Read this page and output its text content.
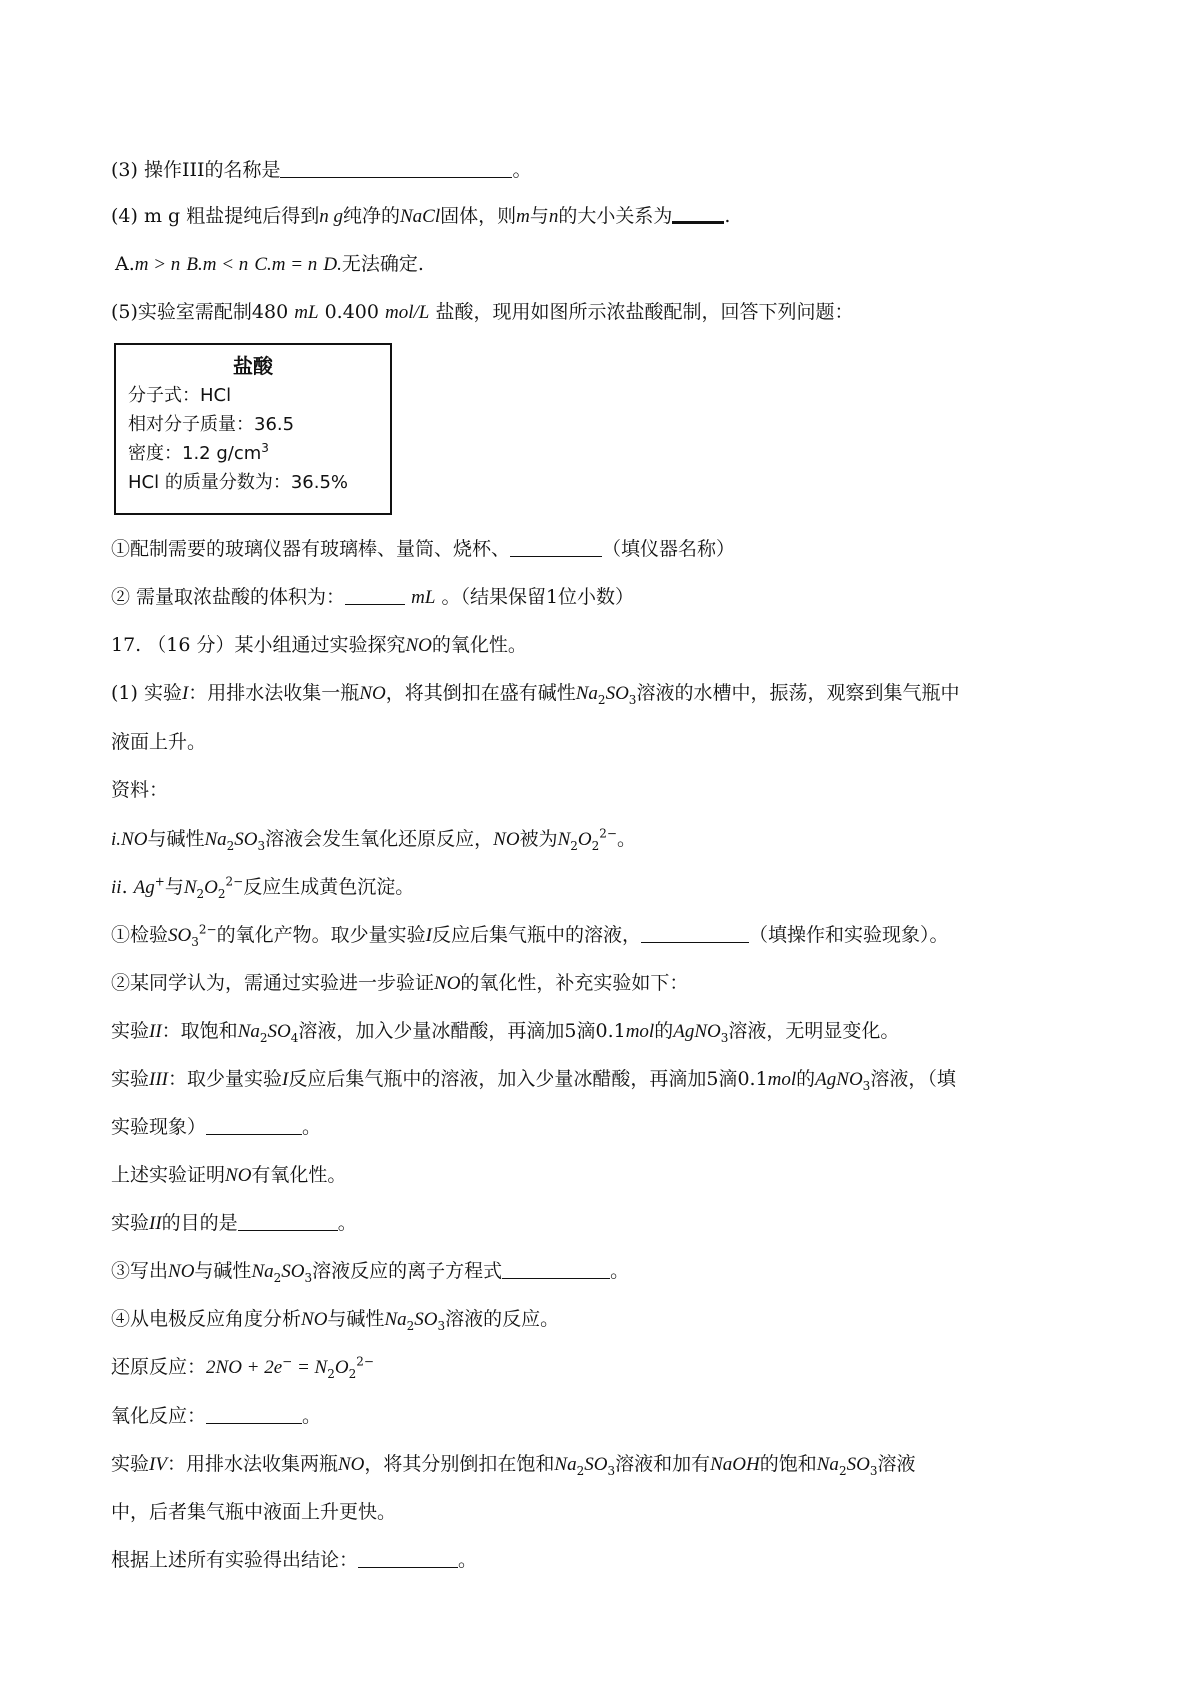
(3) 操作III的名称是	。
(4) m g 粗盐提纯后得到n g纯净的NaCl固体，则m与n的大小关系为	.
A.m > n B.m < n C.m = n D.无法确定.
(5)实验室需配制480 mL 0.400 mol/L 盐酸，现用如图所示浓盐酸配制，回答下列问题：
盐酸
分子式：HCl
相对分子质量：36.5
密度：1.2 $g/cm^3$
HCl 的质量分数为：36.5%
①配制需要的玻璃仪器有玻璃棒、量筒、烧杯、	（填仪器名称）
② 需量取浓盐酸的体积为：	mL 。（结果保留1位小数）
17. （16 分）某小组通过实验探究NO的氧化性。
(1) 实验I：用排水法收集一瓶NO，将其倒扣在盛有碱性$Na_2SO_3$溶液的水槽中，振荡，观察到集气瓶中
液面上升。
资料：
i.NO与碱性$Na_2SO_3$溶液会发生氧化还原反应，NO被为$N_2O_2^{2-}$。
ii. Ag+与$N_2O_2^{2-}$反应生成黄色沉淀。
①检验$SO_3^{2-}$的氧化产物。取少量实验I反应后集气瓶中的溶液，	（填操作和实验现象）。
②某同学认为，需通过实验进一步验证NO的氧化性，补充实验如下：
实验II：取饱和$Na_2SO_4$溶液，加入少量冰醋酸，再滴加5滴0.1mol的AgNO$_3$溶液，无明显变化。
实验III：取少量实验I反应后集气瓶中的溶液，加入少量冰醋酸，再滴加5滴0.1mol的AgNO$_3$溶液，（填
实验现象）	。
上述实验证明NO有氧化性。
实验II的目的是	。
③写出NO与碱性$Na_2SO_3$溶液反应的离子方程式	。
④从电极反应角度分析NO与碱性$Na_2SO_3$溶液的反应。
还原反应：$2NO + 2e^- = N_2O_2^{2-}$
氧化反应：	。
实验IV：用排水法收集两瓶NO，将其分别倒扣在饱和$Na_2SO_3$溶液和加有NaOH的饱和$Na_2SO_3$溶液
中，后者集气瓶中液面上升更快。
根据上述所有实验得出结论：	。
